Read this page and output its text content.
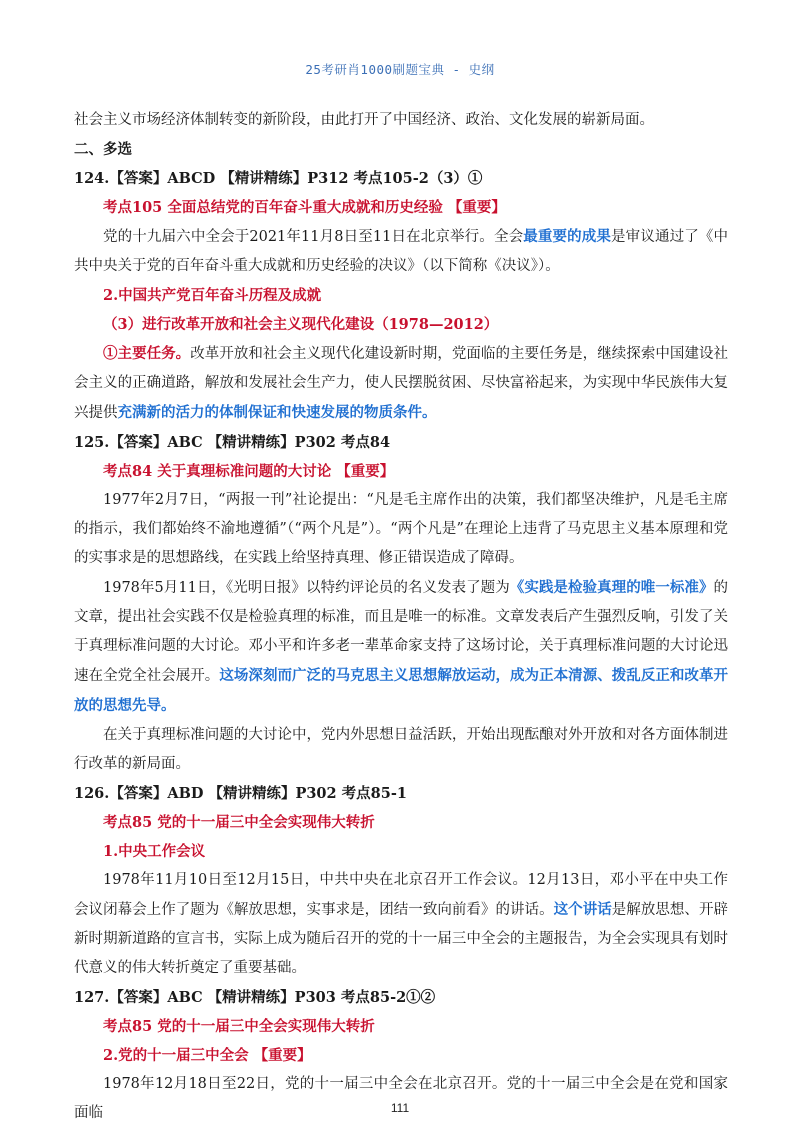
25考研肖1000刷题宝典 - 史纲

社会主义市场经济体制转变的新阶段，由此打开了中国经济、政治、文化发展的崭新局面。

二、多选
124.【答案】ABCD 【精讲精练】P312 考点105-2（3）①
考点105 全面总结党的百年奋斗重大成就和历史经验 【重要】

党的十九届六中全会于2021年11月8日至11日在北京举行。全会最重要的成果是审议通过了《中共中央关于党的百年奋斗重大成就和历史经验的决议》（以下简称《决议》）。

2.中国共产党百年奋斗历程及成就
（3）进行改革开放和社会主义现代化建设（1978—2012）

①主要任务。改革开放和社会主义现代化建设新时期，党面临的主要任务是，继续探索中国建设社会主义的正确道路，解放和发展社会生产力，使人民摆脱贫困、尽快富裕起来，为实现中华民族伟大复兴提供充满新的活力的体制保证和快速发展的物质条件。

125.【答案】ABC 【精讲精练】P302 考点84
考点84 关于真理标准问题的大讨论 【重要】

1977年2月7日，“两报一刊”社论提出：“凡是毛主席作出的决策，我们都坚决维护，凡是毛主席的指示，我们都始终不渝地遵循”（“两个凡是”）。“两个凡是”在理论上违背了马克思主义基本原理和党的实事求是的思想路线，在实践上给坚持真理、修正错误造成了障碍。

1978年5月11日，《光明日报》以特约评论员的名义发表了题为《实践是检验真理的唯一标准》的文章，提出社会实践不仅是检验真理的标准，而且是唯一的标准。文章发表后产生强烈反响，引发了关于真理标准问题的大讨论。邓小平和许多老一辈革命家支持了这场讨论，关于真理标准问题的大讨论迅速在全党全社会展开。这场深刻而广泛的马克思主义思想解放运动，成为正本清源、拨乱反正和改革开放的思想先导。

在关于真理标准问题的大讨论中，党内外思想日益活跃，开始出现酝酿对外开放和对各方面体制进行改革的新局面。

126.【答案】ABD 【精讲精练】P302 考点85-1
考点85 党的十一届三中全会实现伟大转折
1.中央工作会议

1978年11月10日至12月15日，中共中央在北京召开工作会议。12月13日，邓小平在中央工作会议闭幕会上作了题为《解放思想，实事求是，团结一致向前看》的讲话。这个讲话是解放思想、开辟新时期新道路的宣言书，实际上成为随后召开的党的十一届三中全会的主题报告，为全会实现具有划时代意义的伟大转折奠定了重要基础。

127.【答案】ABC 【精讲精练】P303 考点85-2①②
考点85 党的十一届三中全会实现伟大转折
2.党的十一届三中全会 【重要】

1978年12月18日至22日，党的十一届三中全会在北京召开。党的十一届三中全会是在党和国家面临	111
